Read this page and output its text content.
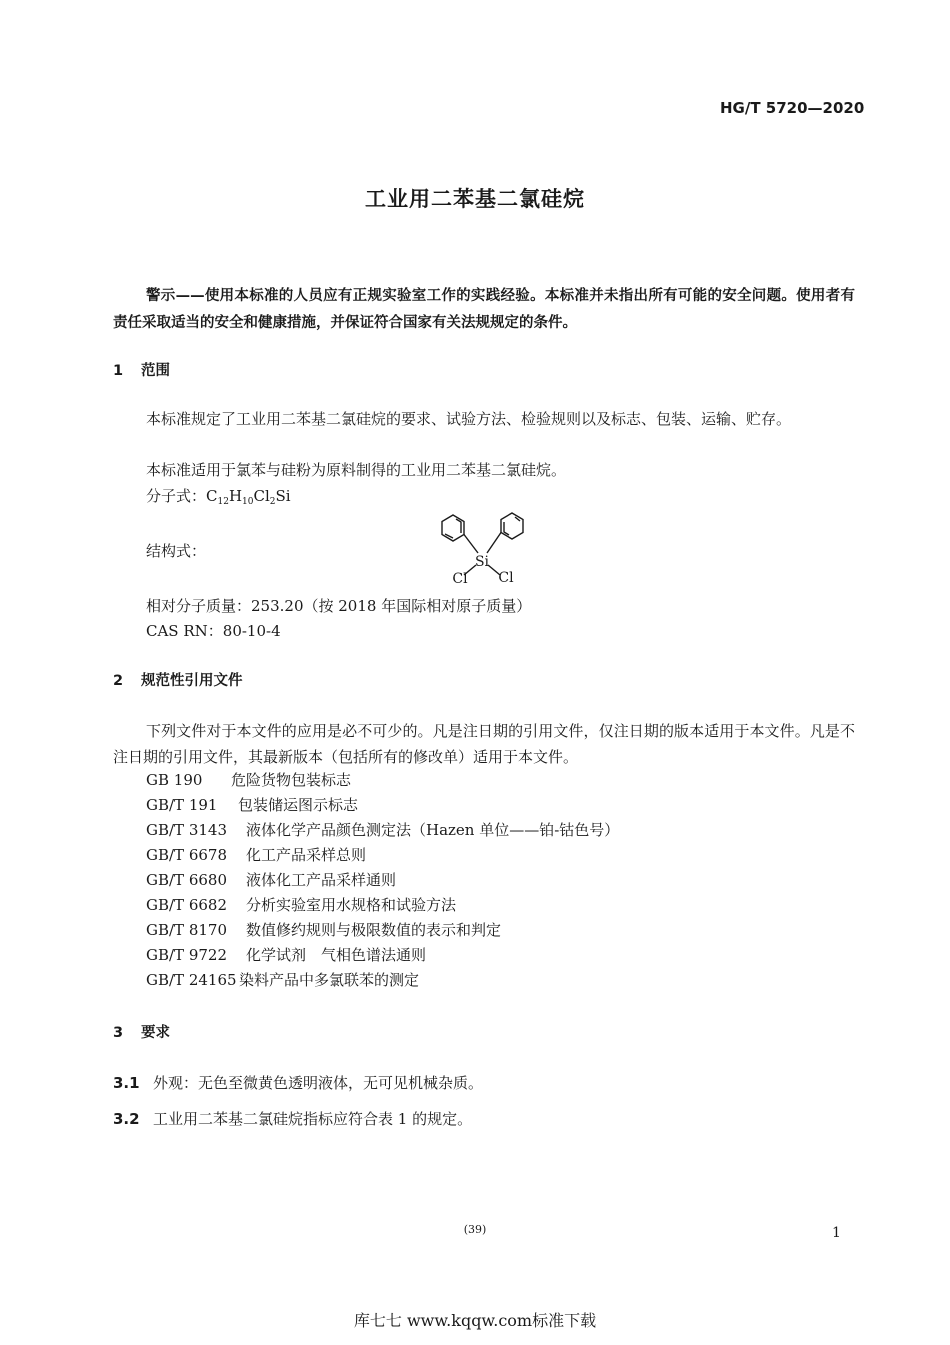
HG/T 5720—2020
工业用二苯基二氯硅烷
警示——使用本标准的人员应有正规实验室工作的实践经验。本标准并未指出所有可能的安全问题。使用者有责任采取适当的安全和健康措施，并保证符合国家有关法规规定的条件。
1 范围
本标准规定了工业用二苯基二氯硅烷的要求、试验方法、检验规则以及标志、包装、运输、贮存。
本标准适用于氯苯与硅粉为原料制得的工业用二苯基二氯硅烷。
分子式：$C_{12}H_{10}Cl_2Si$
结构式：
Si
Cl Cl
相对分子质量：253.20（按 2018 年国际相对原子质量）
CAS RN：80-10-4
2 规范性引用文件
下列文件对于本文件的应用是必不可少的。凡是注日期的引用文件，仅注日期的版本适用于本文件。凡是不注日期的引用文件，其最新版本（包括所有的修改单）适用于本文件。
GB 190 危险货物包装标志
GB/T 191 包装储运图示标志
GB/T 3143 液体化学产品颜色测定法（Hazen 单位——铂-钴色号）
GB/T 6678 化工产品采样总则
GB/T 6680 液体化工产品采样通则
GB/T 6682 分析实验室用水规格和试验方法
GB/T 8170 数值修约规则与极限数值的表示和判定
GB/T 9722 化学试剂　气相色谱法通则
GB/T 24165 染料产品中多氯联苯的测定
3 要求
3.1 外观：无色至微黄色透明液体，无可见机械杂质。
3.2 工业用二苯基二氯硅烷指标应符合表 1 的规定。
(39)	1
库七七 www.kqqw.com标准下载
